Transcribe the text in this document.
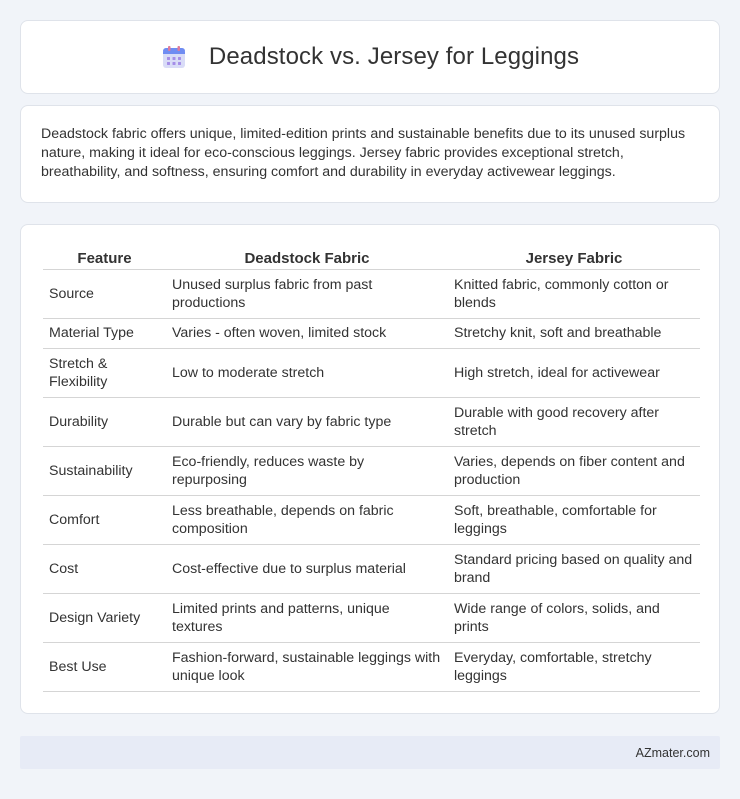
Deadstock vs. Jersey for Leggings

Deadstock fabric offers unique, limited-edition prints and sustainable benefits due to its unused surplus nature, making it ideal for eco-conscious leggings. Jersey fabric provides exceptional stretch, breathability, and softness, ensuring comfort and durability in everyday activewear leggings.

Feature	Deadstock Fabric	Jersey Fabric
Source	Unused surplus fabric from past productions	Knitted fabric, commonly cotton or blends
Material Type	Varies - often woven, limited stock	Stretchy knit, soft and breathable
Stretch & Flexibility	Low to moderate stretch	High stretch, ideal for activewear
Durability	Durable but can vary by fabric type	Durable with good recovery after stretch
Sustainability	Eco-friendly, reduces waste by repurposing	Varies, depends on fiber content and production
Comfort	Less breathable, depends on fabric composition	Soft, breathable, comfortable for leggings
Cost	Cost-effective due to surplus material	Standard pricing based on quality and brand
Design Variety	Limited prints and patterns, unique textures	Wide range of colors, solids, and prints
Best Use	Fashion-forward, sustainable leggings with unique look	Everyday, comfortable, stretchy leggings
AZmater.com
